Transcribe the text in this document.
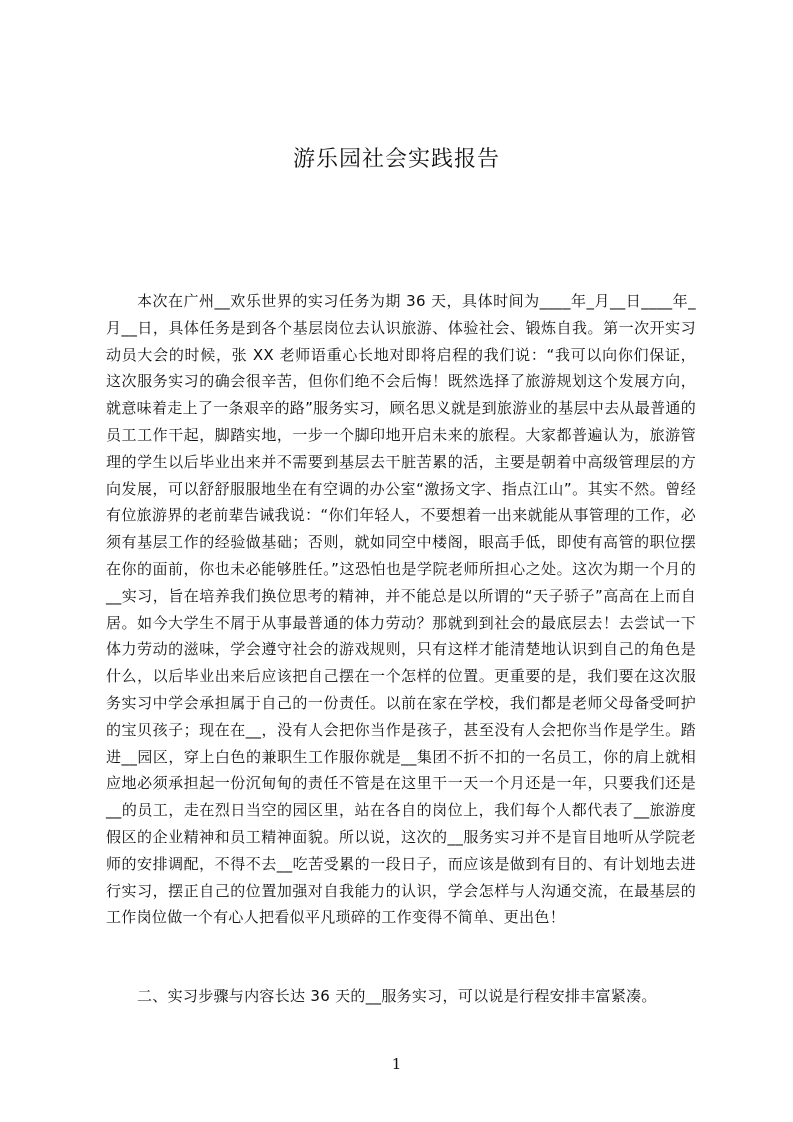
游乐园社会实践报告

本次在广州__欢乐世界的实习任务为期 36 天，具体时间为____年_月__日____年_月__日，具体任务是到各个基层岗位去认识旅游、体验社会、锻炼自我。第一次开实习动员大会的时候，张 XX 老师语重心长地对即将启程的我们说：“我可以向你们保证，这次服务实习的确会很辛苦，但你们绝不会后悔！既然选择了旅游规划这个发展方向，就意味着走上了一条艰辛的路”服务实习，顾名思义就是到旅游业的基层中去从最普通的员工工作干起，脚踏实地，一步一个脚印地开启未来的旅程。大家都普遍认为，旅游管理的学生以后毕业出来并不需要到基层去干脏苦累的活，主要是朝着中高级管理层的方向发展，可以舒舒服服地坐在有空调的办公室“激扬文字、指点江山”。其实不然。曾经有位旅游界的老前辈告诫我说：“你们年轻人，不要想着一出来就能从事管理的工作，必须有基层工作的经验做基础；否则，就如同空中楼阁，眼高手低，即使有高管的职位摆在你的面前，你也未必能够胜任。”这恐怕也是学院老师所担心之处。这次为期一个月的__实习，旨在培养我们换位思考的精神，并不能总是以所谓的“天子骄子”高高在上而自居。如今大学生不屑于从事最普通的体力劳动？那就到到社会的最底层去！去尝试一下体力劳动的滋味，学会遵守社会的游戏规则，只有这样才能清楚地认识到自己的角色是什么，以后毕业出来后应该把自己摆在一个怎样的位置。更重要的是，我们要在这次服务实习中学会承担属于自己的一份责任。以前在家在学校，我们都是老师父母备受呵护的宝贝孩子；现在在__，没有人会把你当作是孩子，甚至没有人会把你当作是学生。踏进__园区，穿上白色的兼职生工作服你就是__集团不折不扣的一名员工，你的肩上就相应地必须承担起一份沉甸甸的责任不管是在这里干一天一个月还是一年，只要我们还是__的员工，走在烈日当空的园区里，站在各自的岗位上，我们每个人都代表了__旅游度假区的企业精神和员工精神面貌。所以说，这次的__服务实习并不是盲目地听从学院老师的安排调配，不得不去__吃苦受累的一段日子，而应该是做到有目的、有计划地去进行实习，摆正自己的位置加强对自我能力的认识，学会怎样与人沟通交流，在最基层的工作岗位做一个有心人把看似平凡琐碎的工作变得不简单、更出色！

二、实习步骤与内容长达 36 天的__服务实习，可以说是行程安排丰富紧凑。

1
